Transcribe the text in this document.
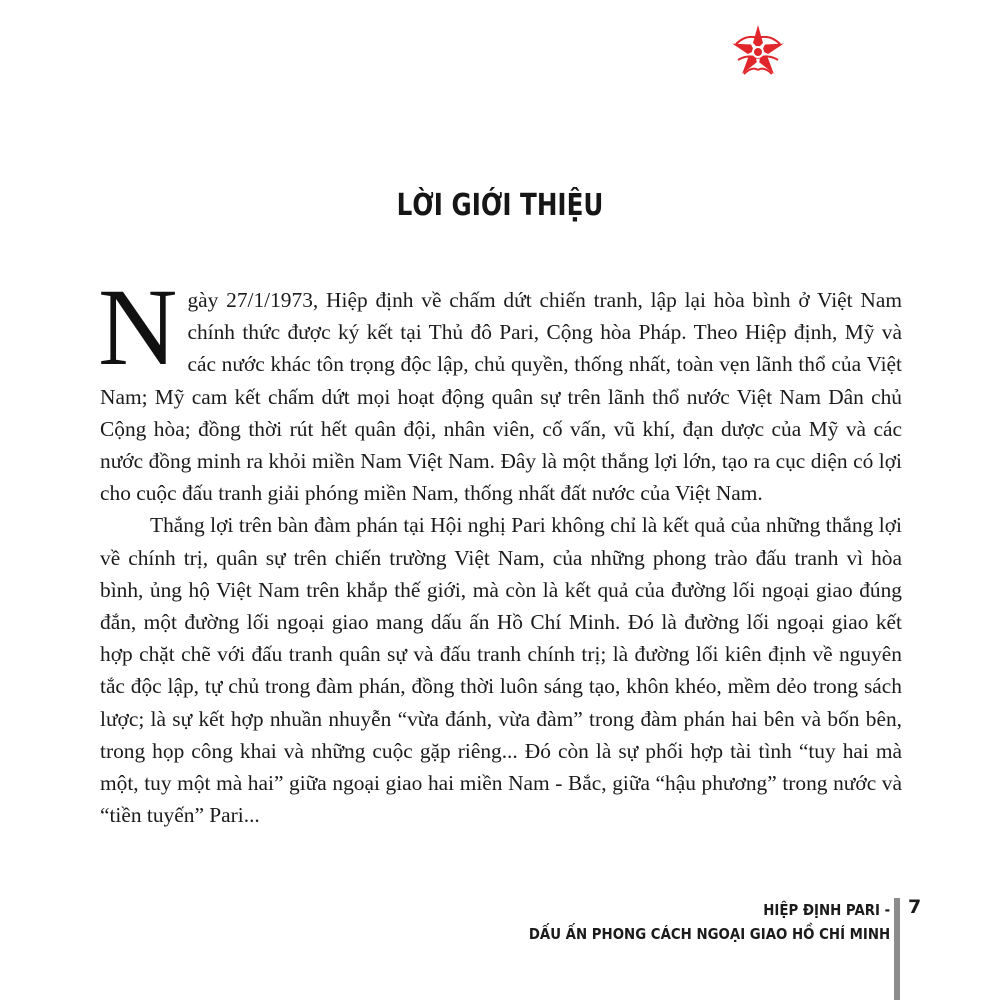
LỜI GIỚI THIỆU

Ngày 27/1/1973, Hiệp định về chấm dứt chiến tranh, lập lại hòa bình ở Việt Nam chính thức được ký kết tại Thủ đô Pari, Cộng hòa Pháp. Theo Hiệp định, Mỹ và các nước khác tôn trọng độc lập, chủ quyền, thống nhất, toàn vẹn lãnh thổ của Việt Nam; Mỹ cam kết chấm dứt mọi hoạt động quân sự trên lãnh thổ nước Việt Nam Dân chủ Cộng hòa; đồng thời rút hết quân đội, nhân viên, cố vấn, vũ khí, đạn dược của Mỹ và các nước đồng minh ra khỏi miền Nam Việt Nam. Đây là một thắng lợi lớn, tạo ra cục diện có lợi cho cuộc đấu tranh giải phóng miền Nam, thống nhất đất nước của Việt Nam.

Thắng lợi trên bàn đàm phán tại Hội nghị Pari không chỉ là kết quả của những thắng lợi về chính trị, quân sự trên chiến trường Việt Nam, của những phong trào đấu tranh vì hòa bình, ủng hộ Việt Nam trên khắp thế giới, mà còn là kết quả của đường lối ngoại giao đúng đắn, một đường lối ngoại giao mang dấu ấn Hồ Chí Minh. Đó là đường lối ngoại giao kết hợp chặt chẽ với đấu tranh quân sự và đấu tranh chính trị; là đường lối kiên định về nguyên tắc độc lập, tự chủ trong đàm phán, đồng thời luôn sáng tạo, khôn khéo, mềm dẻo trong sách lược; là sự kết hợp nhuần nhuyễn “vừa đánh, vừa đàm” trong đàm phán hai bên và bốn bên, trong họp công khai và những cuộc gặp riêng... Đó còn là sự phối hợp tài tình “tuy hai mà một, tuy một mà hai” giữa ngoại giao hai miền Nam - Bắc, giữa “hậu phương” trong nước và “tiền tuyến” Pari...

HIỆP ĐỊNH PARI -
DẤU ẤN PHONG CÁCH NGOẠI GIAO HỒ CHÍ MINH
7
